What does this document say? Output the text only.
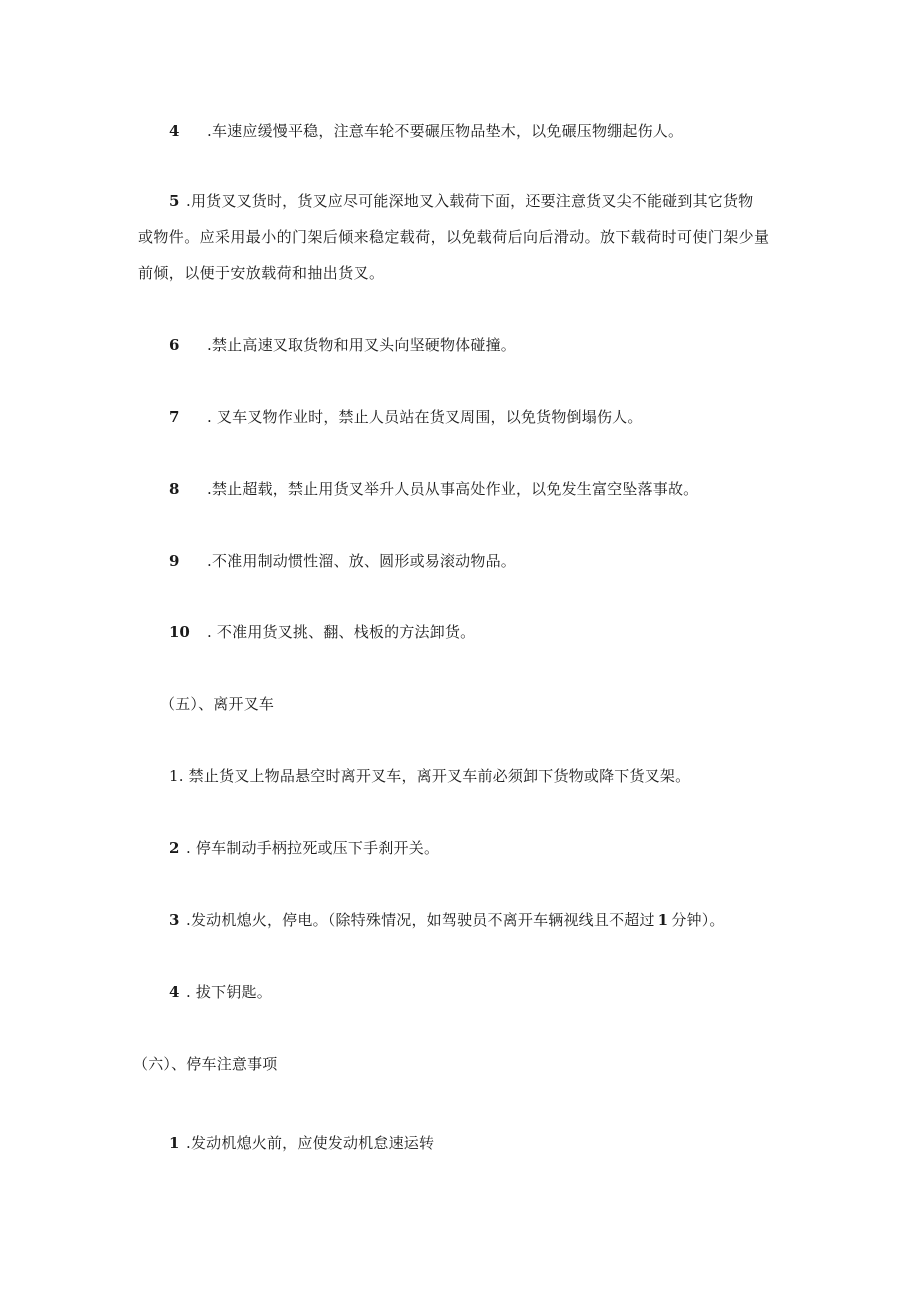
4 .车速应缓慢平稳，注意车轮不要碾压物品垫木，以免碾压物绷起伤人。
5 .用货叉叉货时，货叉应尽可能深地叉入载荷下面，还要注意货叉尖不能碰到其它货物
或物件。应采用最小的门架后倾来稳定载荷，以免载荷后向后滑动。放下载荷时可使门架少量
前倾，以便于安放载荷和抽出货叉。
6 .禁止高速叉取货物和用叉头向坚硬物体碰撞。
7 . 叉车叉物作业时，禁止人员站在货叉周围，以免货物倒塌伤人。
8 .禁止超载，禁止用货叉举升人员从事高处作业，以免发生富空坠落事故。
9 .不准用制动惯性溜、放、圆形或易滚动物品。
10 . 不准用货叉挑、翻、栈板的方法卸货。
（五）、离开叉车
1. 禁止货叉上物品悬空时离开叉车，离开叉车前必须卸下货物或降下货叉架。
2 . 停车制动手柄拉死或压下手刹开关。
3 .发动机熄火，停电。（除特殊情况，如驾驶员不离开车辆视线且不超过 1 分钟）。
4 . 拔下钥匙。
（六）、停车注意事项
1 .发动机熄火前，应使发动机怠速运转
